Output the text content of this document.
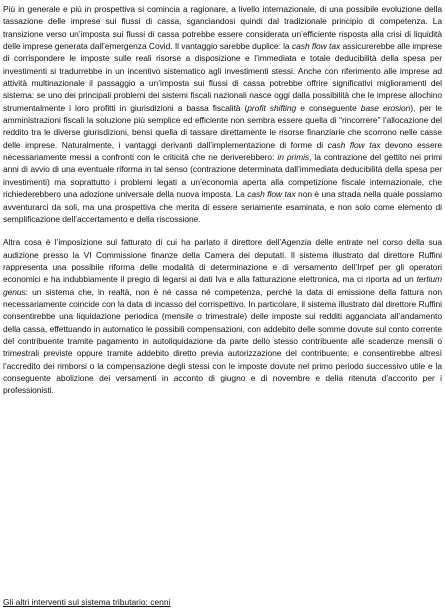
Più in generale e più in prospettiva si comincia a ragionare, a livello internazionale, di una possibile evoluzione della tassazione delle imprese sui flussi di cassa, sganciandosi quindi dal tradizionale principio di competenza. La transizione verso un’imposta sui flussi di cassa potrebbe essere considerata un’efficiente risposta alla crisi di liquidità delle imprese generata dall’emergenza Covid. Il vantaggio sarebbe duplice: la cash flow tax assicurerebbe alle imprese di corrispondere le imposte sulle reali risorse a disposizione e l’immediata e totale deducibilità della spesa per investimenti si tradurrebbe in un incentivo sistematico agli investimenti stessi. Anche con riferimento alle imprese ad attività multinazionale il passaggio a un’imposta sui flussi di cassa potrebbe offrire significativi miglioramenti del sistema: se uno dei principali problemi dei sistemi fiscali nazionali nasce oggi dalla possibilità che le imprese allochino strumentalmente i loro profitti in giurisdizioni a bassa fiscalità (profit shifting e conseguente base erosion), per le amministrazioni fiscali la soluzione più semplice ed efficiente non sembra essere quella di “rincorrere” l’allocazione del reddito tra le diverse giurisdizioni, bensì quella di tassare direttamente le risorse finanziarie che scorrono nelle casse delle imprese. Naturalmente, i vantaggi derivanti dall’implementazione di forme di cash flow tax devono essere necessariamente messi a confronti con le criticità che ne deriverebbero: in primis, la contrazione del gettito nei primi anni di avvio di una eventuale riforma in tal senso (contrazione determinata dall’immediata deducibilità della spesa per investimenti) ma soprattutto i problemi legati a un’economia aperta alla competizione fiscale internazionale, che richiederebbero una adozione universale della nuova imposta. La cash flow tax non è una strada nella quale possiamo avventurarci da soli, ma una prospettiva che merita di essere seriamente esaminata, e non solo come elemento di semplificazione dell’accertamento e della riscossione.

Altra cosa è l’imposizione sul fatturato di cui ha parlato il direttore dell’Agenzia delle entrate nel corso della sua audizione presso la VI Commissione finanze della Camera dei deputati. Il sistema illustrato dal direttore Ruffini rappresenta una possibile riforma delle modalità di determinazione e di versamento dell’Irpef per gli operatori economici e ha indubbiamente il pregio di legarsi ai dati Iva e alla fatturazione elettronica, ma ci riporta ad un tertium genus: un sistema che, in realtà, non è né cassa né competenza, perché la data di emissione della fattura non necessariamente coincide con la data di incasso del corrispettivo. In particolare, il sistema illustrato dal direttore Ruffini consentirebbe una liquidazione periodica (mensile o trimestrale) delle imposte sui redditi agganciata all’andamento della cassa, effettuando in automatico le possibili compensazioni, con addebito delle somme dovute sul conto corrente del contribuente tramite pagamento in autoliquidazione da parte dello stesso contribuente alle scadenze mensili o trimestrali previste oppure tramite addebito diretto previa autorizzazione del contribuente; e consentirebbe altresì l’accredito dei rimborsi o la compensazione degli stessi con le imposte dovute nel primo periodo successivo utile e la conseguente abolizione dei versamenti in acconto di giugno e di novembre e della ritenuta d’acconto per i professionisti.

Gli altri interventi sul sistema tributario: cenni
